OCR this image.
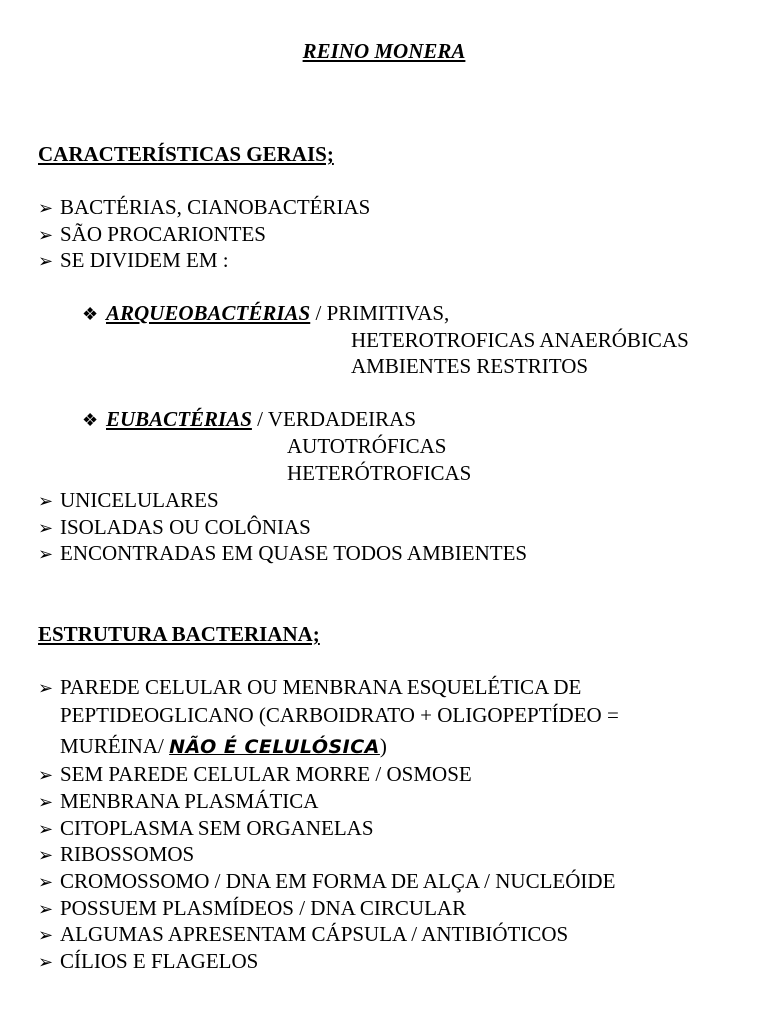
REINO MONERA
CARACTERÍSTICAS GERAIS;
➢ BACTÉRIAS, CIANOBACTÉRIAS
➢ SÃO PROCARIONTES
➢ SE DIVIDEM EM :
❖ ARQUEOBACTÉRIAS / PRIMITIVAS,
HETEROTROFICAS ANAERÓBICAS
AMBIENTES RESTRITOS
❖ EUBACTÉRIAS / VERDADEIRAS
AUTOTRÓFICAS
HETERÓTROFICAS
➢ UNICELULARES
➢ ISOLADAS OU COLÔNIAS
➢ ENCONTRADAS EM QUASE TODOS AMBIENTES
ESTRUTURA BACTERIANA;
➢ PAREDE CELULAR OU MENBRANA ESQUELÉTICA DE
PEPTIDEOGLICANO (CARBOIDRATO + OLIGOPEPTÍDEO =
MURÉINA/ NÃO É CELULÓSICA)
➢ SEM PAREDE CELULAR MORRE / OSMOSE
➢ MENBRANA PLASMÁTICA
➢ CITOPLASMA SEM ORGANELAS
➢ RIBOSSOMOS
➢ CROMOSSOMO / DNA EM FORMA DE ALÇA / NUCLEÓIDE
➢ POSSUEM PLASMÍDEOS / DNA CIRCULAR
➢ ALGUMAS APRESENTAM CÁPSULA / ANTIBIÓTICOS
➢ CÍLIOS E FLAGELOS
